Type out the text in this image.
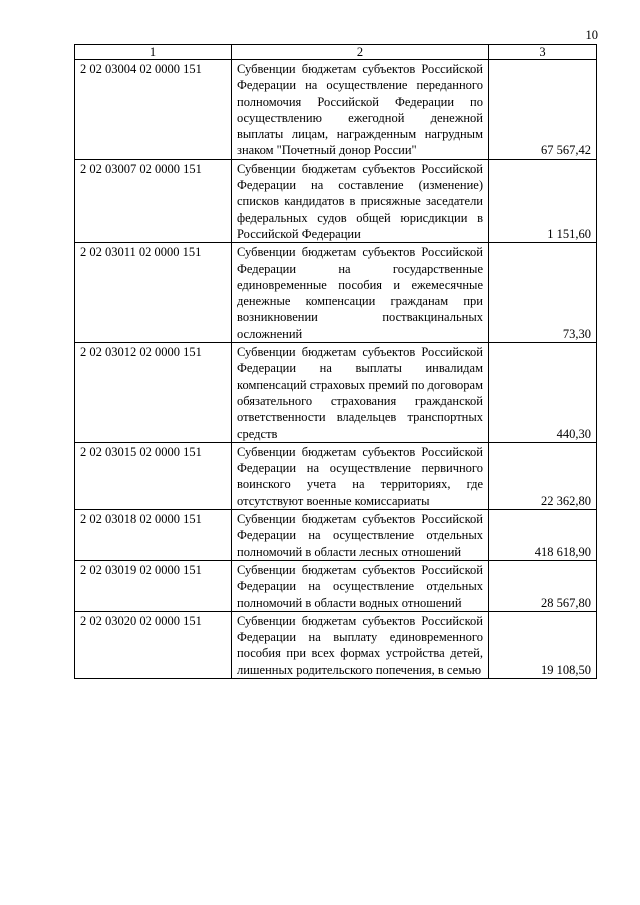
10
1	2	3
2 02 03004 02 0000 151	Субвенции бюджетам субъектов Российской Федерации на осуществление переданного полномочия Российской Федерации по осуществлению ежегодной денежной выплаты лицам, награжденным нагрудным знаком "Почетный донор России"	67 567,42
2 02 03007 02 0000 151	Субвенции бюджетам субъектов Российской Федерации на составление (изменение) списков кандидатов в присяжные заседатели федеральных судов общей юрисдикции в Российской Федерации	1 151,60
2 02 03011 02 0000 151	Субвенции бюджетам субъектов Российской Федерации на государственные единовременные пособия и ежемесячные денежные компенсации гражданам при возникновении поствакцинальных осложнений	73,30
2 02 03012 02 0000 151	Субвенции бюджетам субъектов Российской Федерации на выплаты инвалидам компенсаций страховых премий по договорам обязательного страхования гражданской ответственности владельцев транспортных средств	440,30
2 02 03015 02 0000 151	Субвенции бюджетам субъектов Российской Федерации на осуществление первичного воинского учета на территориях, где отсутствуют военные комиссариаты	22 362,80
2 02 03018 02 0000 151	Субвенции бюджетам субъектов Российской Федерации на осуществление отдельных полномочий в области лесных отношений	418 618,90
2 02 03019 02 0000 151	Субвенции бюджетам субъектов Российской Федерации на осуществление отдельных полномочий в области водных отношений	28 567,80
2 02 03020 02 0000 151	Субвенции бюджетам субъектов Российской Федерации на выплату единовременного пособия при всех формах устройства детей, лишенных родительского попечения, в семью	19 108,50
